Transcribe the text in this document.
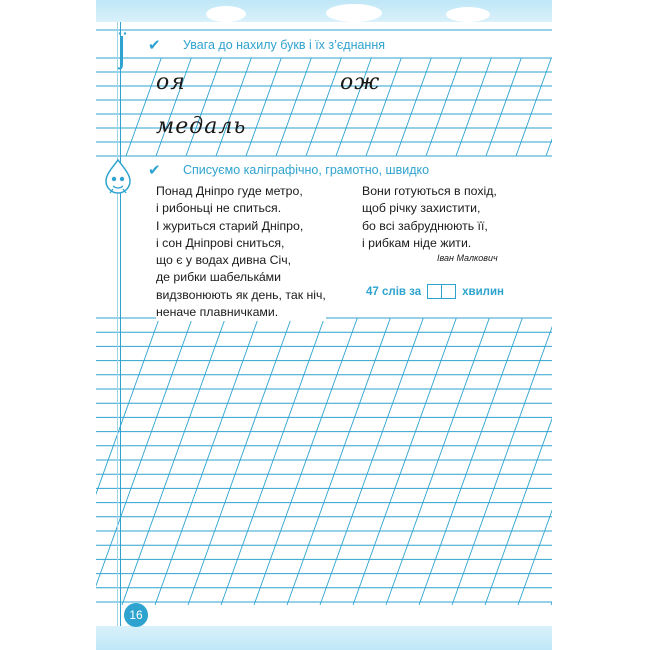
✔ Увага до нахилу букв і їх з’єднання
оя	ож
медаль
✔ Списуємо каліграфічно, грамотно, швидко
Понад Дніпро гуде метро,
і рибоньці не спиться.
І журиться старий Дніпро,
і сон Дніпрові сниться,
що є у водах дивна Січ,
де рибки шабелькáми
видзвонюють як день, так ніч,
неначе плавничками.
Вони готуються в похід,
щоб річку захистити,
бо всі забруднюють її,
і рибкам ніде жити.
Іван Малкович
47 слів за	хвилин
16
